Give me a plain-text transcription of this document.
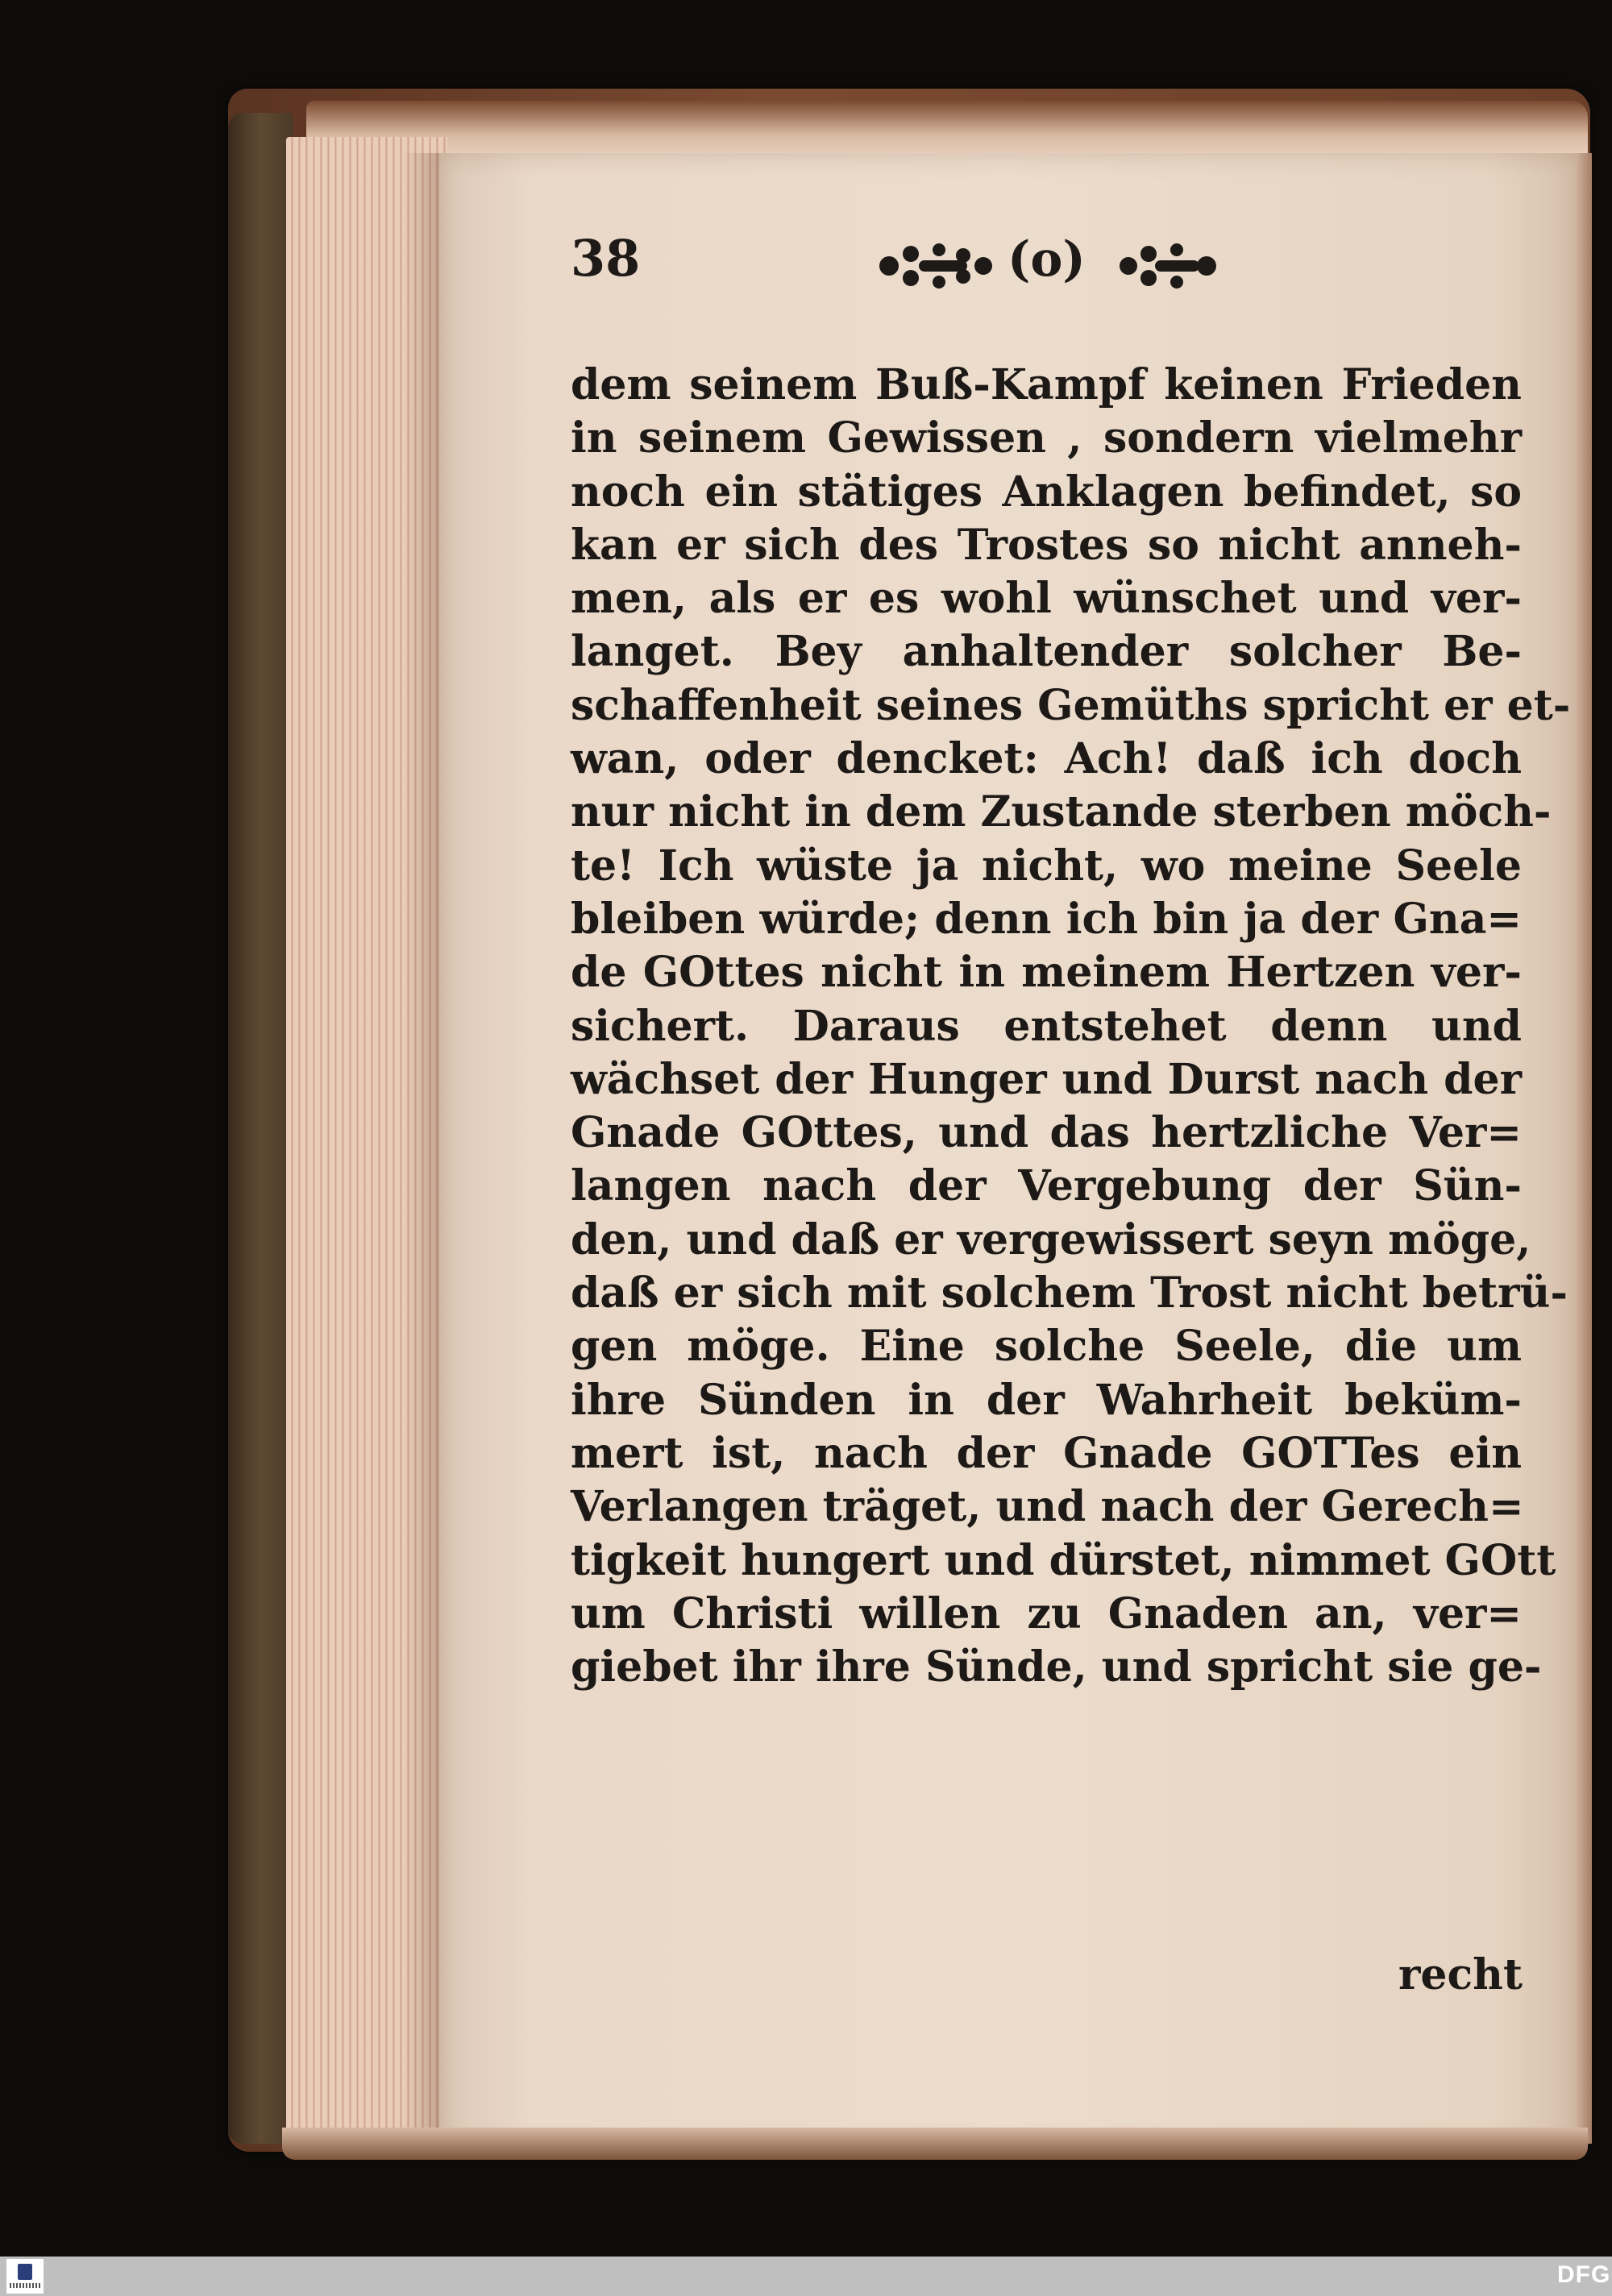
38	(o)
dem seinem Buß-Kampf keinen Frieden
in seinem Gewissen , sondern vielmehr
noch ein stätiges Anklagen befindet, so
kan er sich des Trostes so nicht anneh-
men, als er es wohl wünschet und ver-
langet. Bey anhaltender solcher Be-
schaffenheit seines Gemüths spricht er et-
wan, oder dencket: Ach! daß ich doch
nur nicht in dem Zustande sterben möch-
te! Ich wüste ja nicht, wo meine Seele
bleiben würde; denn ich bin ja der Gna=
de GOttes nicht in meinem Hertzen ver-
sichert. Daraus entstehet denn und
wächset der Hunger und Durst nach der
Gnade GOttes, und das hertzliche Ver=
langen nach der Vergebung der Sün-
den, und daß er vergewissert seyn möge,
daß er sich mit solchem Trost nicht betrü-
gen möge. Eine solche Seele, die um
ihre Sünden in der Wahrheit beküm-
mert ist, nach der Gnade GOTTes ein
Verlangen träget, und nach der Gerech=
tigkeit hungert und dürstet, nimmet GOtt
um Christi willen zu Gnaden an, ver=
giebet ihr ihre Sünde, und spricht sie ge-
recht
DFG
